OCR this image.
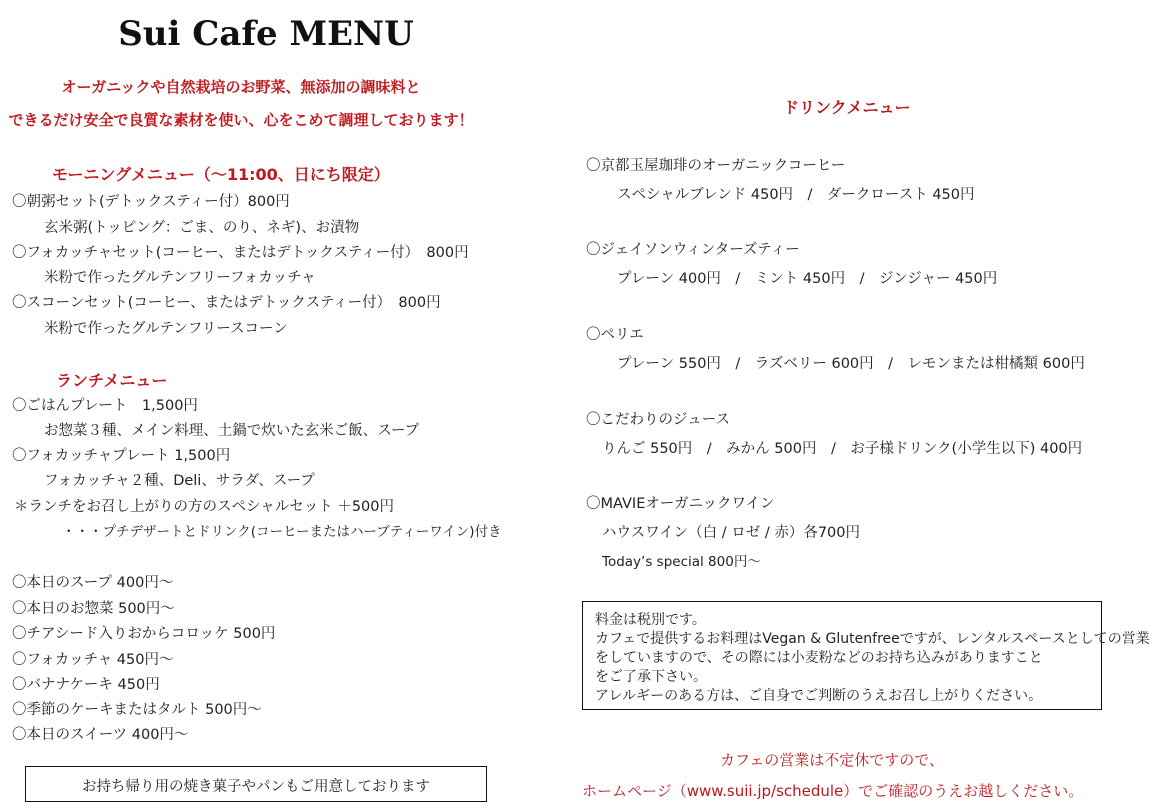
Sui Cafe MENU
オーガニックや自然栽培のお野菜、無添加の調味料と
できるだけ安全で良質な素材を使い、心をこめて調理しております！
モーニングメニュー（〜11:00、日にち限定）
〇朝粥セット(デトックスティー付）800円
玄米粥(トッピング：ごま、のり、ネギ)、お漬物
〇フォカッチャセット(コーヒー、またはデトックスティー付）　800円
米粉で作ったグルテンフリーフォカッチャ
〇スコーンセット(コーヒー、またはデトックスティー付）　800円
米粉で作ったグルテンフリースコーン
ランチメニュー
〇ごはんプレート　1,500円
お惣菜３種、メイン料理、土鍋で炊いた玄米ご飯、スープ
〇フォカッチャプレート 1,500円
フォカッチャ２種、Deli、サラダ、スープ
＊ランチをお召し上がりの方のスペシャルセット ＋500円
・・・プチデザートとドリンク(コーヒーまたはハーブティーワイン)付き
〇本日のスープ 400円〜
〇本日のお惣菜 500円〜
〇チアシード入りおからコロッケ 500円
〇フォカッチャ 450円〜
〇バナナケーキ 450円
〇季節のケーキまたはタルト 500円〜
〇本日のスイーツ 400円〜
お持ち帰り用の焼き菓子やパンもご用意しております
ドリンクメニュー
〇京都玉屋珈琲のオーガニックコーヒー
スペシャルブレンド 450円　/　ダークロースト 450円
〇ジェイソンウィンターズティー
プレーン 400円　/　ミント 450円　/　ジンジャー 450円
〇ペリエ
プレーン 550円　/　ラズベリー 600円　/　レモンまたは柑橘類 600円
〇こだわりのジュース
りんご 550円　/　みかん 500円　/　お子様ドリンク(小学生以下) 400円
〇MAVIEオーガニックワイン
ハウスワイン（白 / ロゼ / 赤）各700円
Today’s special 800円〜
料金は税別です。
カフェで提供するお料理はVegan & Glutenfreeですが、レンタルスペースとしての営業
をしていますので、その際には小麦粉などのお持ち込みがありますこと
をご了承下さい。
アレルギーのある方は、ご自身でご判断のうえお召し上がりください。
カフェの営業は不定休ですので、
ホームページ（www.suii.jp/schedule）でご確認のうえお越しください。
